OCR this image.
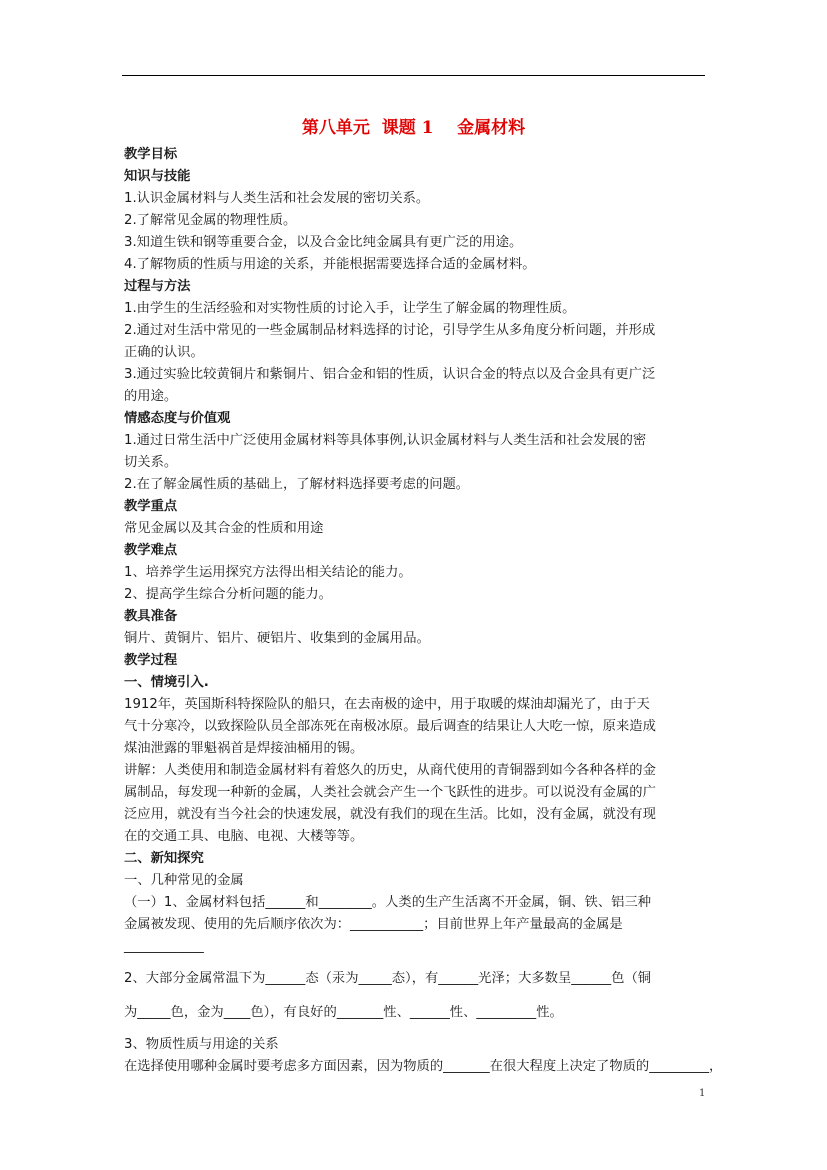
第八单元  课题 1    金属材料
教学目标
知识与技能
1.认识金属材料与人类生活和社会发展的密切关系。
2.了解常见金属的物理性质。
3.知道生铁和钢等重要合金，以及合金比纯金属具有更广泛的用途。
4.了解物质的性质与用途的关系，并能根据需要选择合适的金属材料。
过程与方法
1.由学生的生活经验和对实物性质的讨论入手，让学生了解金属的物理性质。
2.通过对生活中常见的一些金属制品材料选择的讨论，引导学生从多角度分析问题，并形成
正确的认识。
3.通过实验比较黄铜片和紫铜片、铝合金和铝的性质，认识合金的特点以及合金具有更广泛
的用途。
情感态度与价值观
1.通过日常生活中广泛使用金属材料等具体事例,认识金属材料与人类生活和社会发展的密
切关系。
2.在了解金属性质的基础上，了解材料选择要考虑的问题。
教学重点
常见金属以及其合金的性质和用途
教学难点
1、培养学生运用探究方法得出相关结论的能力。
2、提高学生综合分析问题的能力。
教具准备
铜片、黄铜片、铝片、硬铝片、收集到的金属用品。
教学过程
一、情境引入.
1912年，英国斯科特探险队的船只，在去南极的途中，用于取暖的煤油却漏光了，由于天
气十分寒冷，以致探险队员全部冻死在南极冰原。最后调查的结果让人大吃一惊，原来造成
煤油泄露的罪魁祸首是焊接油桶用的锡。
讲解：人类使用和制造金属材料有着悠久的历史，从商代使用的青铜器到如今各种各样的金
属制品，每发现一种新的金属，人类社会就会产生一个飞跃性的进步。可以说没有金属的广
泛应用，就没有当今社会的快速发展，就没有我们的现在生活。比如，没有金属，就没有现
在的交通工具、电脑、电视、大楼等等。
二、新知探究
一、几种常见的金属
（一）1、金属材料包括______和________。人类的生产生活离不开金属，铜、铁、铝三种
金属被发现、使用的先后顺序依次为：___________；目前世界上年产量最高的金属是
____________
2、大部分金属常温下为______态（汞为_____态），有______光泽；大多数呈______色（铜
为_____色，金为____色），有良好的_______性、______性、_________性。
3、物质性质与用途的关系
在选择使用哪种金属时要考虑多方面因素，因为物质的_______在很大程度上决定了物质的_________，
1
